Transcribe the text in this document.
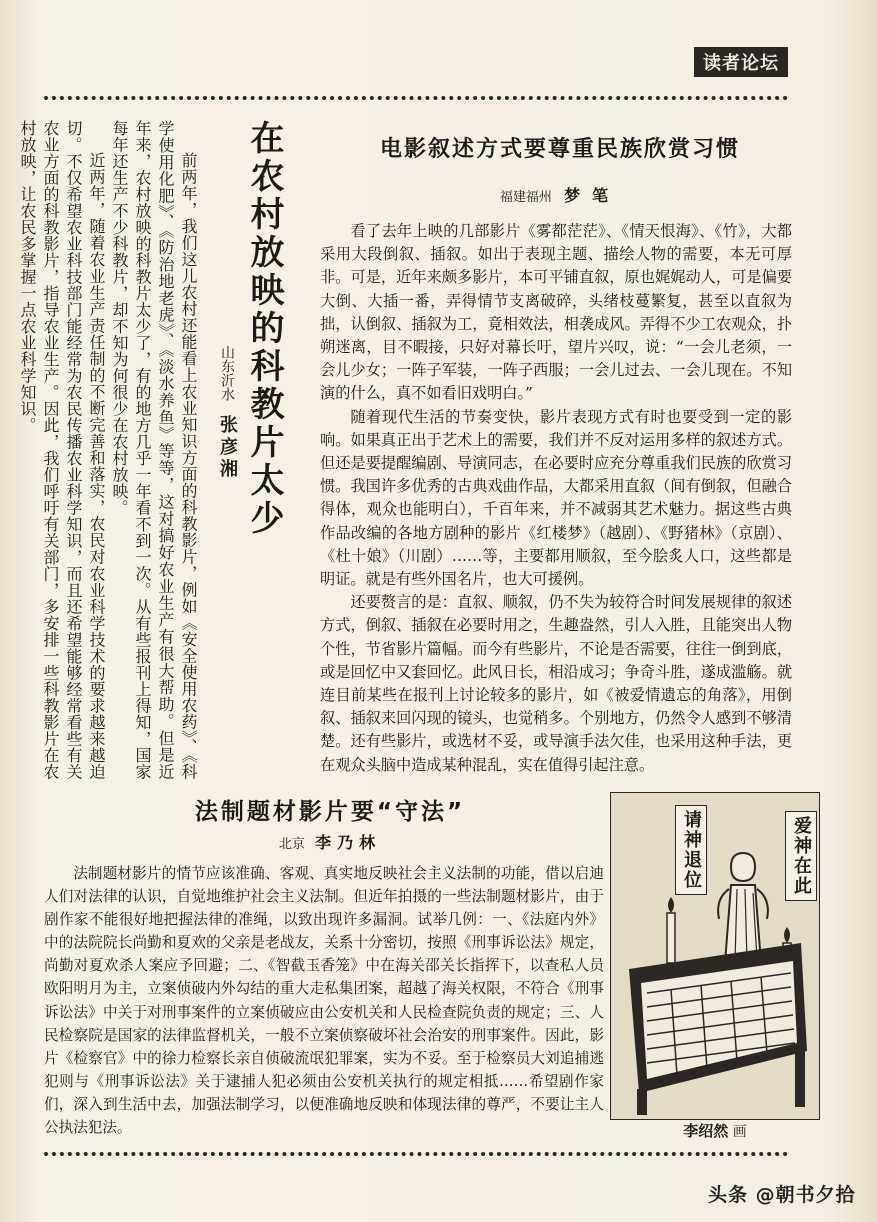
读者论坛
在农村放映的科教片太少
山东沂水 张彦湘

前两年，我们这儿农村还能看上农业知识方面的科教影片，例如《安全使用农药》、《科学使用化肥》、《防治地老虎》、《淡水养鱼》等等，这对搞好农业生产有很大帮助。但是近年来，农村放映的科教片太少了，有的地方几乎一年看不到一次。从有些报刊上得知，国家每年还生产不少科教片，却不知为何很少在农村放映。

近两年，随着农业生产责任制的不断完善和落实，农民对农业科学技术的要求越来越迫切。不仅希望农业科技部门能经常为农民传播农业科学知识，而且还希望能够经常看些有关农业方面的科教影片，指导农业生产。因此，我们呼吁有关部门，多安排一些科教影片在农村放映，让农民多掌握一点农业科学知识。	电影叙述方式要尊重民族欣赏习惯
福建福州 梦笔

看了去年上映的几部影片《雾都茫茫》、《情天恨海》、《竹》，大都采用大段倒叙、插叙。如出于表现主题、描绘人物的需要，本无可厚非。可是，近年来颇多影片，本可平铺直叙，原也娓娓动人，可是偏要大倒、大插一番，弄得情节支离破碎，头绪枝蔓繁复，甚至以直叙为拙，认倒叙、插叙为工，竟相效法，相袭成风。弄得不少工农观众，扑朔迷离，目不暇接，只好对幕长吁，望片兴叹，说：“一会儿老须，一会儿少女；一阵子军装，一阵子西服；一会儿过去、一会儿现在。不知演的什么，真不如看旧戏明白。”

随着现代生活的节奏变快，影片表现方式有时也要受到一定的影响。如果真正出于艺术上的需要，我们并不反对运用多样的叙述方式。但还是要提醒编剧、导演同志，在必要时应充分尊重我们民族的欣赏习惯。我国许多优秀的古典戏曲作品，大都采用直叙（间有倒叙，但融合得体，观众也能明白），千百年来，并不减弱其艺术魅力。据这些古典作品改编的各地方剧种的影片《红楼梦》（越剧）、《野猪林》（京剧）、《杜十娘》（川剧）……等，主要都用顺叙，至今脍炙人口，这些都是明证。就是有些外国名片，也大可援例。

还要赘言的是：直叙、顺叙，仍不失为较符合时间发展规律的叙述方式，倒叙、插叙在必要时用之，生趣盎然，引人入胜，且能突出人物个性，节省影片篇幅。而今有些影片，不论是否需要，往往一倒到底，或是回忆中又套回忆。此风日长，相沿成习；争奇斗胜，遂成滥觞。就连目前某些在报刊上讨论较多的影片，如《被爱情遗忘的角落》，用倒叙、插叙来回闪现的镜头，也觉稍多。个别地方，仍然令人感到不够清楚。还有些影片，或选材不妥，或导演手法欠佳，也采用这种手法，更在观众头脑中造成某种混乱，实在值得引起注意。

法制题材影片要“守法”
北京 李乃林

法制题材影片的情节应该准确、客观、真实地反映社会主义法制的功能，借以启迪人们对法律的认识，自觉地维护社会主义法制。但近年拍摄的一些法制题材影片，由于剧作家不能很好地把握法律的准绳，以致出现许多漏洞。试举几例：一、《法庭内外》中的法院院长尚勤和夏欢的父亲是老战友，关系十分密切，按照《刑事诉讼法》规定，尚勤对夏欢杀人案应予回避；二、《智截玉香笼》中在海关邵关长指挥下，以查私人员欧阳明月为主，立案侦破内外勾结的重大走私集团案，超越了海关权限，不符合《刑事诉讼法》中关于对刑事案件的立案侦破应由公安机关和人民检查院负责的规定；三、人民检察院是国家的法律监督机关，一般不立案侦察破坏社会治安的刑事案件。因此，影片《检察官》中的徐力检察长亲自侦破流氓犯罪案，实为不妥。至于检察员大刘追捕逃犯则与《刑事诉讼法》关于逮捕人犯必须由公安机关执行的规定相抵……希望剧作家们，深入到生活中去，加强法制学习，以便准确地反映和体现法律的尊严，不要让主人公执法犯法。

请神退位	爱神在此
李绍然 画
头条 @朝书夕拾
